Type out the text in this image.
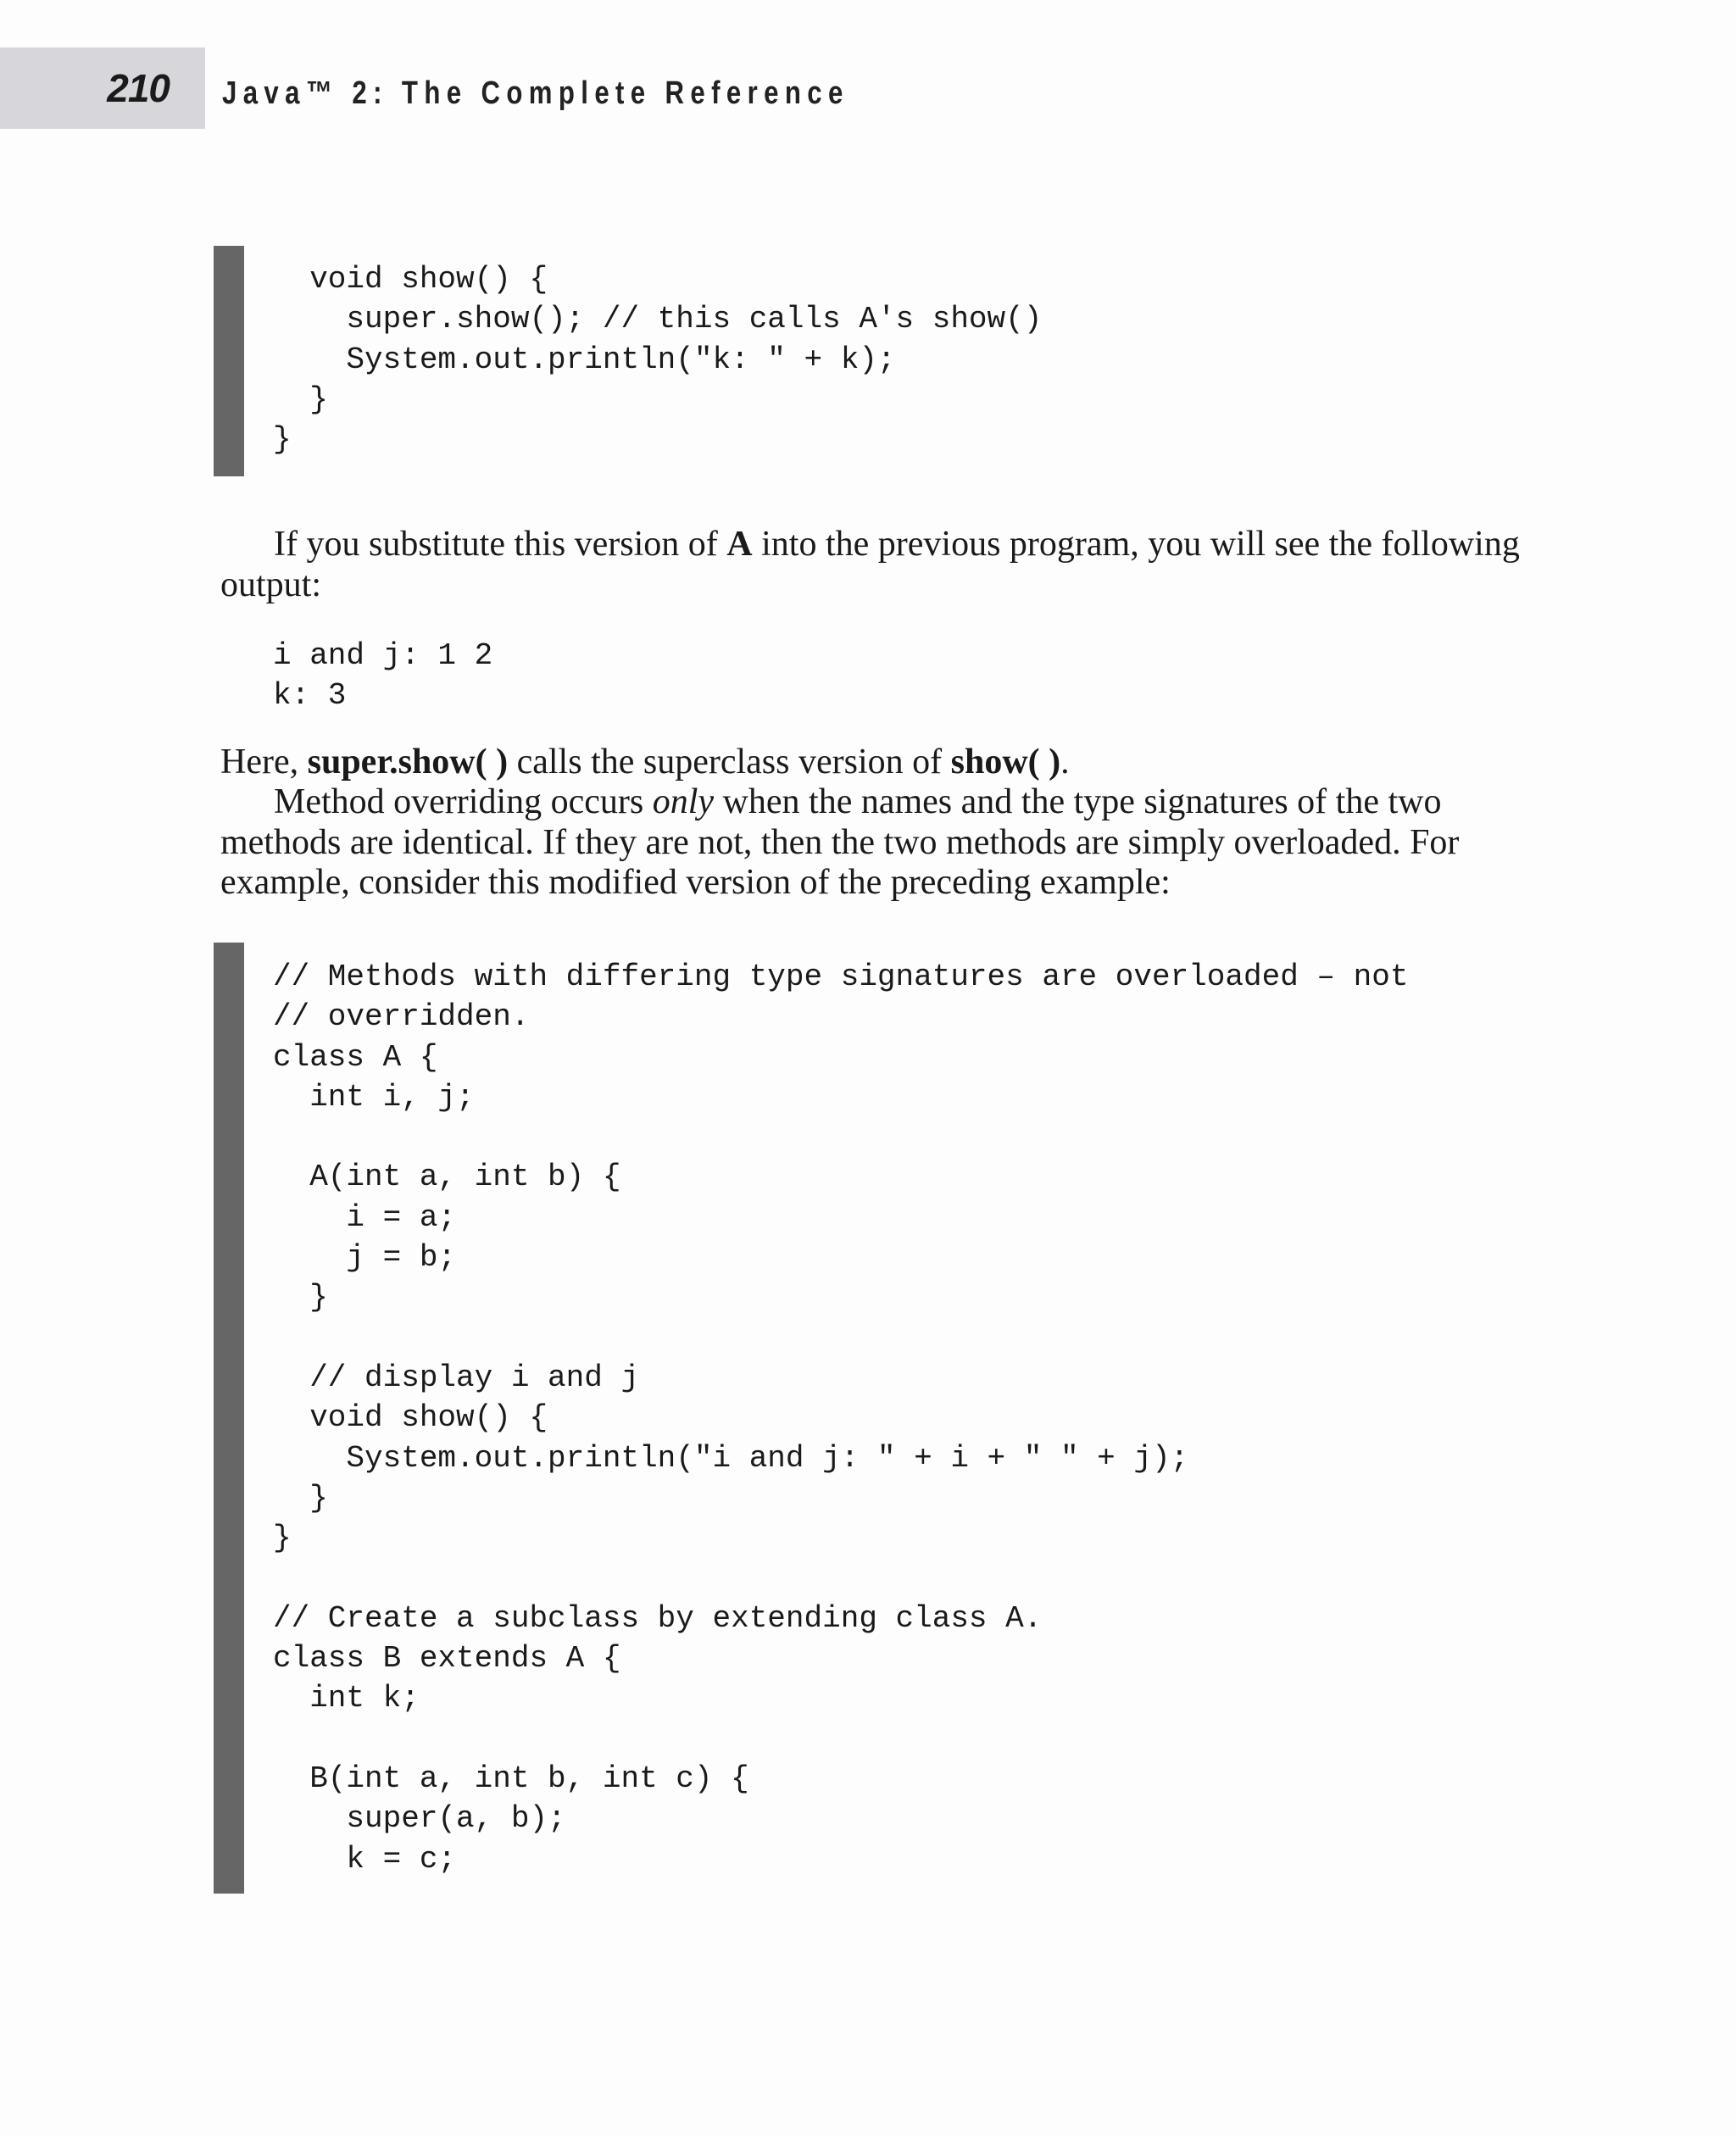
210 Java™ 2: The Complete Reference
void show() {
super.show(); // this calls A's show()
System.out.println("k: " + k);
}
}

If you substitute this version of A into the previous program, you will see the following output:

i and j: 1 2
k: 3

Here, super.show( ) calls the superclass version of show( ).

Method overriding occurs only when the names and the type signatures of the two methods are identical. If they are not, then the two methods are simply overloaded. For example, consider this modified version of the preceding example:

// Methods with differing type signatures are overloaded – not
// overridden.
class A {
int i, j;

A(int a, int b) {
i = a;
j = b;
}

// display i and j
void show() {
System.out.println("i and j: " + i + " " + j);
}
}

// Create a subclass by extending class A.
class B extends A {
int k;

B(int a, int b, int c) {
super(a, b);
k = c;
